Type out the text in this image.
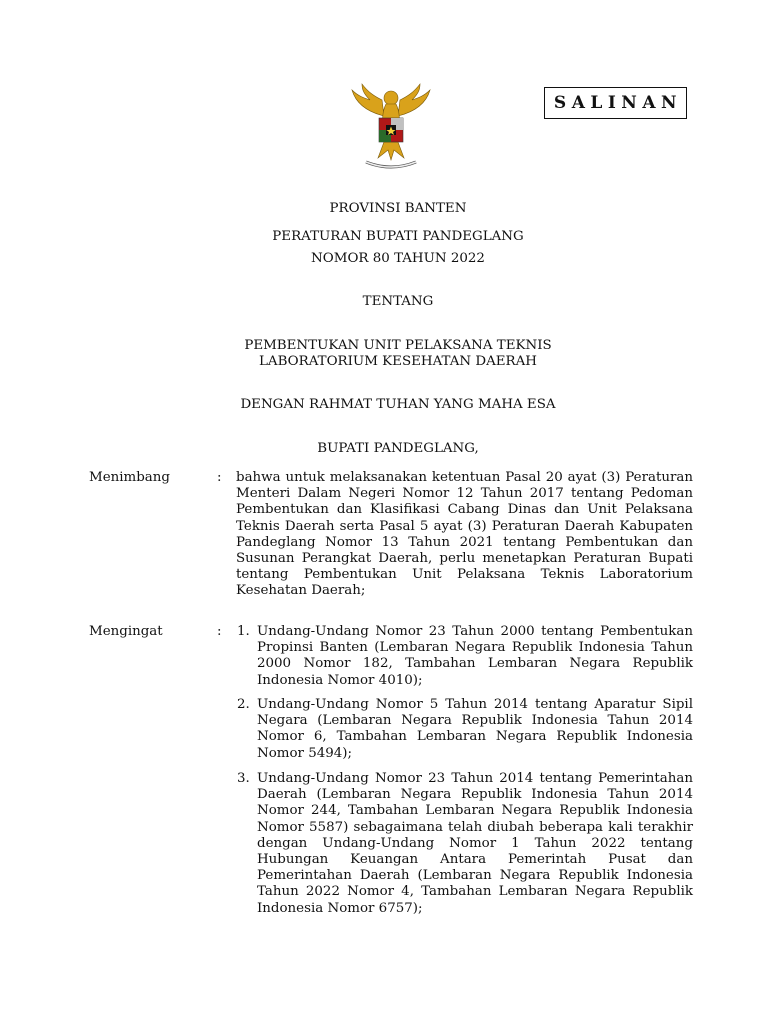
SALINAN
PROVINSI BANTEN
PERATURAN BUPATI PANDEGLANG
NOMOR 80 TAHUN 2022
TENTANG
PEMBENTUKAN UNIT PELAKSANA TEKNIS
LABORATORIUM KESEHATAN DAERAH
DENGAN RAHMAT TUHAN YANG MAHA ESA
BUPATI PANDEGLANG,
Menimbang	: bahwa untuk melaksanakan ketentuan Pasal 20 ayat (3) Peraturan Menteri Dalam Negeri Nomor 12 Tahun 2017 tentang Pedoman Pembentukan dan Klasifikasi Cabang Dinas dan Unit Pelaksana Teknis Daerah serta Pasal 5 ayat (3) Peraturan Daerah Kabupaten Pandeglang Nomor 13 Tahun 2021 tentang Pembentukan dan Susunan Perangkat Daerah, perlu menetapkan Peraturan Bupati tentang Pembentukan Unit Pelaksana Teknis Laboratorium Kesehatan Daerah;

Mengingat	: 1. Undang-Undang Nomor 23 Tahun 2000 tentang Pembentukan Propinsi Banten (Lembaran Negara Republik Indonesia Tahun 2000 Nomor 182, Tambahan Lembaran Negara Republik Indonesia Nomor 4010);

2. Undang-Undang Nomor 5 Tahun 2014 tentang Aparatur Sipil Negara (Lembaran Negara Republik Indonesia Tahun 2014 Nomor 6, Tambahan Lembaran Negara Republik Indonesia Nomor 5494);

3. Undang-Undang Nomor 23 Tahun 2014 tentang Pemerintahan Daerah (Lembaran Negara Republik Indonesia Tahun 2014 Nomor 244, Tambahan Lembaran Negara Republik Indonesia Nomor 5587) sebagaimana telah diubah beberapa kali terakhir dengan Undang-Undang Nomor 1 Tahun 2022 tentang Hubungan Keuangan Antara Pemerintah Pusat dan Pemerintahan Daerah (Lembaran Negara Republik Indonesia Tahun 2022 Nomor 4, Tambahan Lembaran Negara Republik Indonesia Nomor 6757);
